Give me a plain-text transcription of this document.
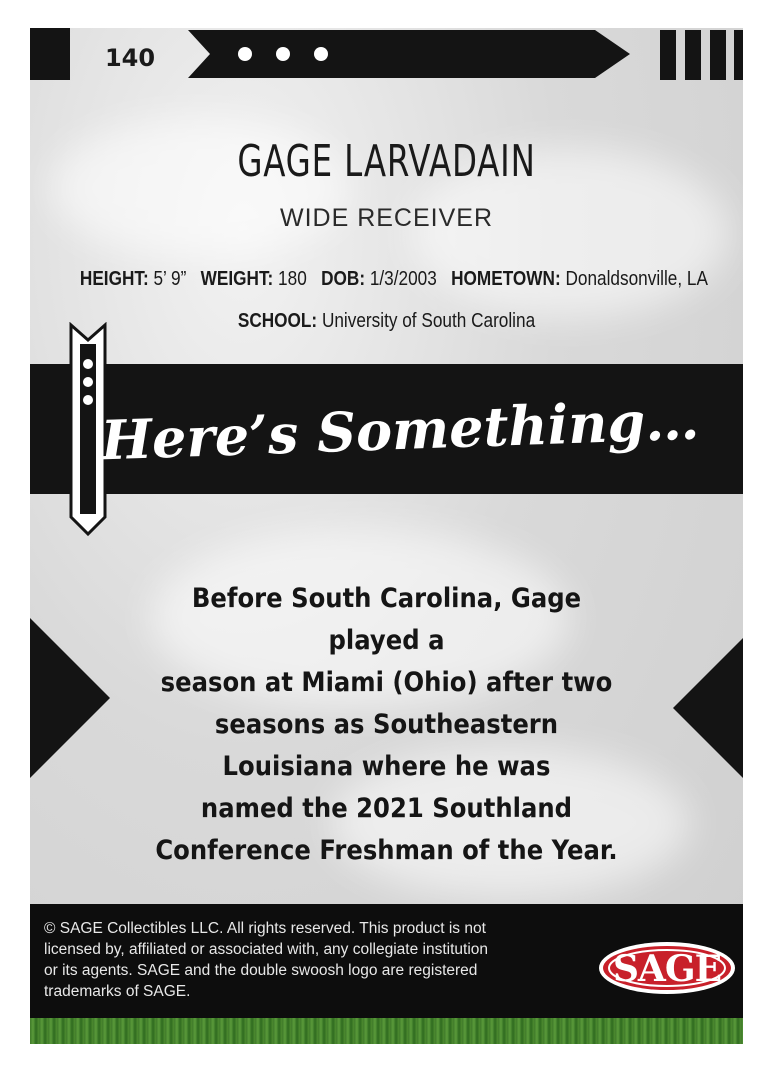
140
GAGE LARVADAIN
WIDE RECEIVER
HEIGHT: 5’ 9” WEIGHT: 180 DOB: 1/3/2003 HOMETOWN: Donaldsonville, LA
SCHOOL: University of South Carolina
Here’s Something…
Before South Carolina, Gage played a
season at Miami (Ohio) after two
seasons as Southeastern
Louisiana where he was
named the 2021 Southland
Conference Freshman of the Year.
© SAGE Collectibles LLC. All rights reserved. This product is not
licensed by, affiliated or associated with, any collegiate institution
or its agents. SAGE and the double swoosh logo are registered
trademarks of SAGE.
SAGE
